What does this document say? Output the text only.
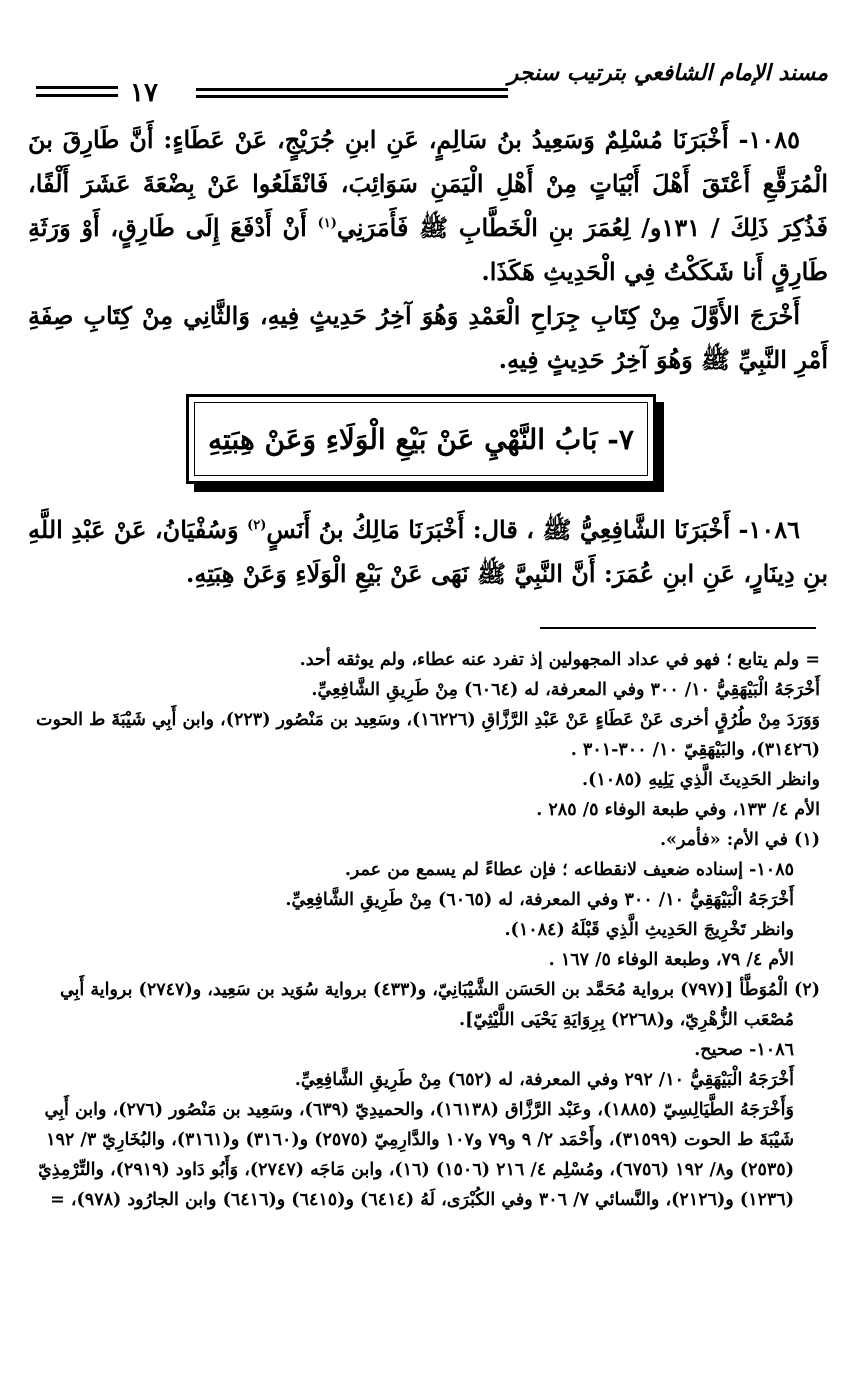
مسند الإمام الشافعي بترتيب سنجر
١٧

١٠٨٥- أَخْبَرَنَا مُسْلِمٌ وَسَعِيدُ بنُ سَالِمٍ، عَنِ ابنِ جُرَيْجٍ، عَنْ عَطَاءٍ: أَنَّ طَارِقَ بنَ الْمُرَقَّعِ أَعْتَقَ أَهْلَ أَبْيَاتٍ مِنْ أَهْلِ الْيَمَنِ سَوَائِبَ، فَانْقَلَعُوا عَنْ بِضْعَةَ عَشَرَ أَلْفًا، فَذُكِرَ ذَلِكَ / ١٣١و/ لِعُمَرَ بنِ الْخَطَّابِ ﷺ فَأَمَرَنِي$^{(١)}$ أَنْ أَدْفَعَ إِلَى طَارِقٍ، أَوْ وَرَثَةِ طَارِقٍ أَنا شَكَكْتُ فِي الْحَدِيثِ هَكَذَا.

أَخْرَجَ الأَوَّلَ مِنْ كِتَابِ جِرَاحِ الْعَمْدِ وَهُوَ آخِرُ حَدِيثٍ فِيهِ، وَالثَّانِي مِنْ كِتَابِ صِفَةِ أَمْرِ النَّبِيِّ ﷺ وَهُوَ آخِرُ حَدِيثٍ فِيهِ.

٧- بَابُ النَّهْيِ عَنْ بَيْعِ الْوَلَاءِ وَعَنْ هِبَتِهِ

١٠٨٦- أَخْبَرَنَا الشَّافِعِيُّ ﷺ ، قال: أَخْبَرَنَا مَالِكُ بنُ أَنَسٍ$^{(٢)}$ وَسُفْيَانُ، عَنْ عَبْدِ اللَّهِ بنِ دِينَارٍ، عَنِ ابنِ عُمَرَ: أَنَّ النَّبِيَّ ﷺ نَهَى عَنْ بَيْعِ الْوَلَاءِ وَعَنْ هِبَتِهِ.

= ولم يتابع ؛ فهو في عداد المجهولين إذ تفرد عنه عطاء، ولم يوثقه أحد.

أَخْرَجَهُ الْبَيْهَقِيُّ ١٠/ ٣٠٠ وفي المعرفة، له (٦٠٦٤) مِنْ طَرِيقِ الشَّافِعِيِّ.

وَوَرَدَ مِنْ طُرُقٍ أخرى عَنْ عَطَاءٍ عَنْ عَبْدِ الرَّزَّاقِ (١٦٢٢٦)، وسَعِيد بن مَنْصُور (٢٢٣)، وابن أَبِي شَيْبَةَ ط الحوت (٣١٤٢٦)، والبَيْهَقِيّ ١٠/ ٣٠٠-٣٠١ .

وانظر الحَدِيثَ الَّذِي يَلِيهِ (١٠٨٥).

الأم ٤/ ١٣٣، وفي طبعة الوفاء ٥/ ٢٨٥ .

(١) في الأم: «فأمر».

١٠٨٥- إسناده ضعيف لانقطاعه ؛ فإن عطاءً لم يسمع من عمر.

أَخْرَجَهُ الْبَيْهَقِيُّ ١٠/ ٣٠٠ وفي المعرفة، له (٦٠٦٥) مِنْ طَرِيقِ الشَّافِعِيِّ.

وانظر تَخْرِيجَ الحَدِيثِ الَّذِي قَبْلَهُ (١٠٨٤).

الأم ٤/ ٧٩، وطبعة الوفاء ٥/ ١٦٧ .

(٢) الْمُوَطَّأ [(٧٩٧) برواية مُحَمَّد بن الحَسَن الشَّيْبَانِيّ، و(٤٣٣) برواية سُوَيد بن سَعِيد، و(٢٧٤٧) برواية أَبِي مُصْعَب الزُّهْرِيّ، و(٢٢٦٨) بِرِوَايَةِ يَحْيَى اللَّيْثِيّ].

١٠٨٦- صحيح.

أَخْرَجَهُ الْبَيْهَقِيُّ ١٠/ ٢٩٢ وفي المعرفة، له (٦٥٢) مِنْ طَرِيقِ الشَّافِعِيِّ.

وَأَخْرَجَهُ الطَّيَالِسِيّ (١٨٨٥)، وعَبْد الرَّزَّاق (١٦١٣٨)، والحميدِيّ (٦٣٩)، وسَعِيد بن مَنْصُور (٢٧٦)، وابن أَبِي شَيْبَةَ ط الحوت (٣١٥٩٩)، وأَحْمَد ٢/ ٩ و٧٩ و١٠٧ والدَّارِمِيّ (٢٥٧٥) و(٣١٦٠) و(٣١٦١)، والبُخَارِيّ ٣/ ١٩٢ (٢٥٣٥) و٨/ ١٩٢ (٦٧٥٦)، ومُسْلِم ٤/ ٢١٦ (١٥٠٦) (١٦)، وابن مَاجَه (٢٧٤٧)، وَأَبُو دَاود (٢٩١٩)، والتِّرْمِذِيّ (١٢٣٦) و(٢١٢٦)، والنَّسائي ٧/ ٣٠٦ وفي الكُبْرَى، لَهُ (٦٤١٤) و(٦٤١٥) و(٦٤١٦) وابن الجارُود (٩٧٨)، =
